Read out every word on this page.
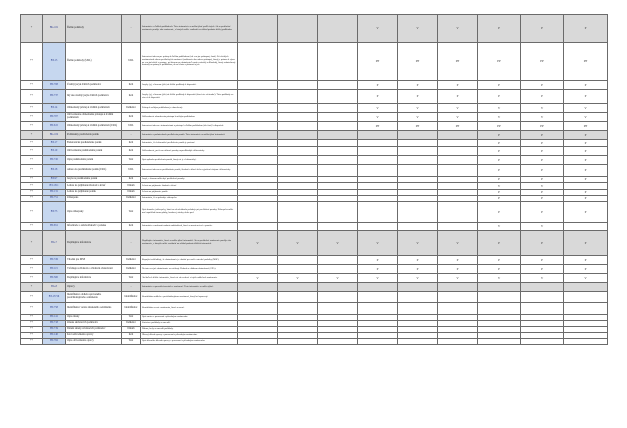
+	BG-101	Ďalšie podklady	-	Informácie o ďalších podkladoch. Tieto informácie sa môžu týkať podľa iných. Ak sa predbežné oznámenie použije ako oznámenie, v ktorých môže vzniknúť na základ podania ďalšej podkladov.				V	V	V	P	P	P
++	BT-15	Ďalšie podklady (URL)	URL	Internetová adresa pre prístup k ďalším podkladom (ich verejne prístupnej časti). Pri všetkých oznámeniach okrem predbežných oznámení (zadávanie ako adresa prístupu), ktorý je priamo k výzve na verejnú súťaž v postupe, pri ktorom sa obstarávateľ musí nezávislý a dlhodobý, ktorý uskutočnený kontroly na priamy k podkladom, ak sa lehota v platnosti aj sú.				PP	PP	PP	PP	PP	PP
++	BT-708	Úradný jazyk ďalších podkladov	Kód	Jazyky (y), v ktorom (ých) sú ďalšie podklady k dispozícii.				P	P	P	P	P	P
++	BT-737	Iný ako úradný jazyk ďalších podkladov	Kód	Jazyky (y), v ktorom (ých) sú ďalšie podklady k dispozícii (ktoré nie sú úradné). Tieto podklady vo viac sú k dispozícii.				P	P	P	P	P	P
++	BT-14	Obmedzený prístup k ďalším podkladom	Indikátor	Prístup k určitým podkladom je obmedzený.				V	V	V	V	V	V
++	BT-707	Odôvodnenie obmedzenia prístupu k ďalším podkladom	Kód	Odôvodnenie obmedzenia prístupu k určitým podkladom.				V	V	V	V	V	V
++	BT-615	Obmedzený prístup k ďalším podkladom (URL)	URL	Internetová adresa s informáciami o prístupe k ďalším podkladom (ich časť) k dispozícii.				PP	PP	PP	PP	PP	PP
+	BG-102	Podmienky predloženia ponúk	-	Informácie o podmienkach predloženia ponúk. Tieto informácie sa môžu týkať informácií.							P	P	P
++	BT-17	Elektronické predkladanie ponúk	Kód	Informácie, či elektronické predloženie ponúk je povinné.							P	P	P
++	BT-19	Odôvodnenie predkladania ponúk	Kód	Odôvodnenie, prečo sa niektoré ponuky nepredkladajú elektronicky.							P	P	P
++	BT-745	Opis predkladania ponúk	Text	Opis spôsobu predloženia ponúk, ktorý nie je elektronický.							P	P	P
++	BT-18	Adresa na predkladanie ponúk (URL)	URL	Internetová adresa na predkladanie ponúk, žiadostí o účasť alebo vyjadrení záujmu elektronicky.							P	P	P
++	BT-97	Jazyk na predkladanie ponúk	Kód	Jazyk, v ktorom môžu byť predložené ponuky.							P	P	P
++	BT-1311	Lehota na prijímanie žiadostí o účasť	Dátum	Lehota na prijímanie žiadostí o účasť.							V	V	
++	BT-131	Lehota na prijímanie ponúk	Dátum	Lehota na prijímanie ponúk.							P	P	P
++	BT-751	Zábezpeka	Indikátor	Informácia, či sa požaduje zábezpeka.							P	P	P
++	BT-75	Opis zábezpeky	Text	Opis finančnej zábezpeky, ktorú sa od uchádzača požaduje pri predložení ponuky. Zábezpeka môže mať napríklad formu platby, bankovej záruky alebo pod.							P	P	P
++	BT-651	Informácie o subdodávkach v ponuke	Kód	Informácie o možnosti zadania subdodávok, ktoré sa musia uviesť v ponuke.							V	V	
+	BG-7	Doplňujúce informácie	-	Doplňujúce informácie, ktoré sa môžu týkať informácií. Ak sa predbežné oznámenie použije ako oznámenie, v ktorých môže vzniknúť na základ podania ďalších informácií.	V	V	V	V	V	V	P	P	P
++	BT-726	Vhodné pre MSP	Indikátor	Kupujúci zohľadňuje, že obstarávanie je vhodné pre malé a stredné podniky (MSP).				P	P	P	P	P	P
++	BT-115	Vzťahuje sa Dohoda o vládnom obstarávaní	Indikátor	Na toto verejné obstarávanie sa vzťahuje Dohoda o vládnom obstarávaní (GPA).				P	P	P	P	P	P
++	BT-300	Doplňujúce informácie	Text	Akékoľvek ďalšie informácie, ktoré nie sú uvedené v iných oddieloch oznámenia.	V	V	V	V	V	V	V	V	V
+	BG-8	Opravy	-	Informácie o opravách/zmenách v oznámení. Tieto informácie sa môžu týkať.									
++	BT-13716	Identifikátor oddielu opraveného predchádzajúceho oznámenia	Identifikátor	Identifikátor oddielu v predchádzajúcom oznámení, ktorý bol opravený.									
++	BT-758	Identifikátor verzie zmeneného oznámenia	Identifikátor	Identifikátor verzie oznámenia, ktoré sa mení.									
++	BT-141	Opis zmeny	Text	Opis zmien v porovnaní s pôvodným oznámením.									
++	BT-718	Zmena súvisiacich podkladov	Indikátor	Súvisiace podklady sa zmenili.									
++	BT-719	Dátum zmeny súvisiacich podkladov	Dátum	Dátum, kedy sa zmenili podklady.									
++	BT-140	Kód odôvodnenia opravy	Kód	Hlavný dôvod opravy v porovnaní s pôvodným oznámením.									
++	BT-762	Opis odôvodnenia opravy	Text	Opis hlavného dôvodu opravy v porovnaní s pôvodným oznámením.									
